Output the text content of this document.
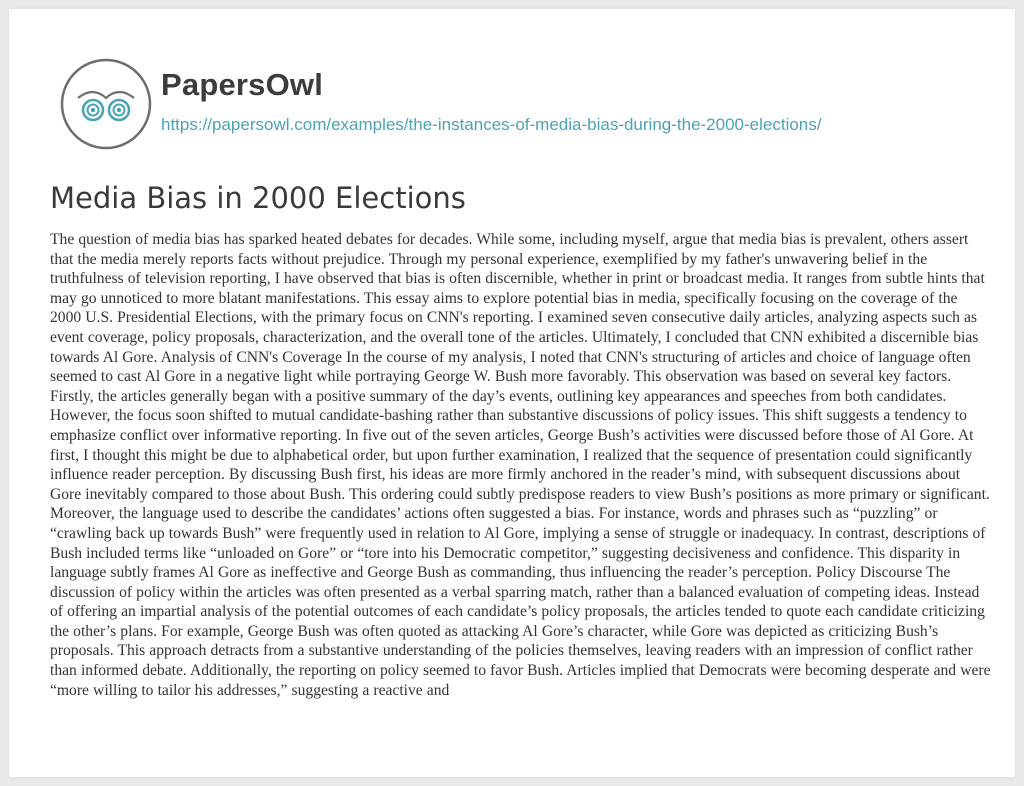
PapersOwl
https://papersowl.com/examples/the-instances-of-media-bias-during-the-2000-elections/
Media Bias in 2000 Elections

The question of media bias has sparked heated debates for decades. While some, including myself, argue that media bias is prevalent, others assert that the media merely reports facts without prejudice. Through my personal experience, exemplified by my father's unwavering belief in the truthfulness of television reporting, I have observed that bias is often discernible, whether in print or broadcast media. It ranges from subtle hints that may go unnoticed to more blatant manifestations. This essay aims to explore potential bias in media, specifically focusing on the coverage of the 2000 U.S. Presidential Elections, with the primary focus on CNN's reporting. I examined seven consecutive daily articles, analyzing aspects such as event coverage, policy proposals, characterization, and the overall tone of the articles. Ultimately, I concluded that CNN exhibited a discernible bias towards Al Gore. Analysis of CNN's Coverage In the course of my analysis, I noted that CNN's structuring of articles and choice of language often seemed to cast Al Gore in a negative light while portraying George W. Bush more favorably. This observation was based on several key factors. Firstly, the articles generally began with a positive summary of the day’s events, outlining key appearances and speeches from both candidates. However, the focus soon shifted to mutual candidate-bashing rather than substantive discussions of policy issues. This shift suggests a tendency to emphasize conflict over informative reporting. In five out of the seven articles, George Bush’s activities were discussed before those of Al Gore. At first, I thought this might be due to alphabetical order, but upon further examination, I realized that the sequence of presentation could significantly influence reader perception. By discussing Bush first, his ideas are more firmly anchored in the reader’s mind, with subsequent discussions about Gore inevitably compared to those about Bush. This ordering could subtly predispose readers to view Bush’s positions as more primary or significant. Moreover, the language used to describe the candidates’ actions often suggested a bias. For instance, words and phrases such as “puzzling” or “crawling back up towards Bush” were frequently used in relation to Al Gore, implying a sense of struggle or inadequacy. In contrast, descriptions of Bush included terms like “unloaded on Gore” or “tore into his Democratic competitor,” suggesting decisiveness and confidence. This disparity in language subtly frames Al Gore as ineffective and George Bush as commanding, thus influencing the reader’s perception. Policy Discourse The discussion of policy within the articles was often presented as a verbal sparring match, rather than a balanced evaluation of competing ideas. Instead of offering an impartial analysis of the potential outcomes of each candidate’s policy proposals, the articles tended to quote each candidate criticizing the other’s plans. For example, George Bush was often quoted as attacking Al Gore’s character, while Gore was depicted as criticizing Bush’s proposals. This approach detracts from a substantive understanding of the policies themselves, leaving readers with an impression of conflict rather than informed debate. Additionally, the reporting on policy seemed to favor Bush. Articles implied that Democrats were becoming desperate and were “more willing to tailor his addresses,” suggesting a reactive and
